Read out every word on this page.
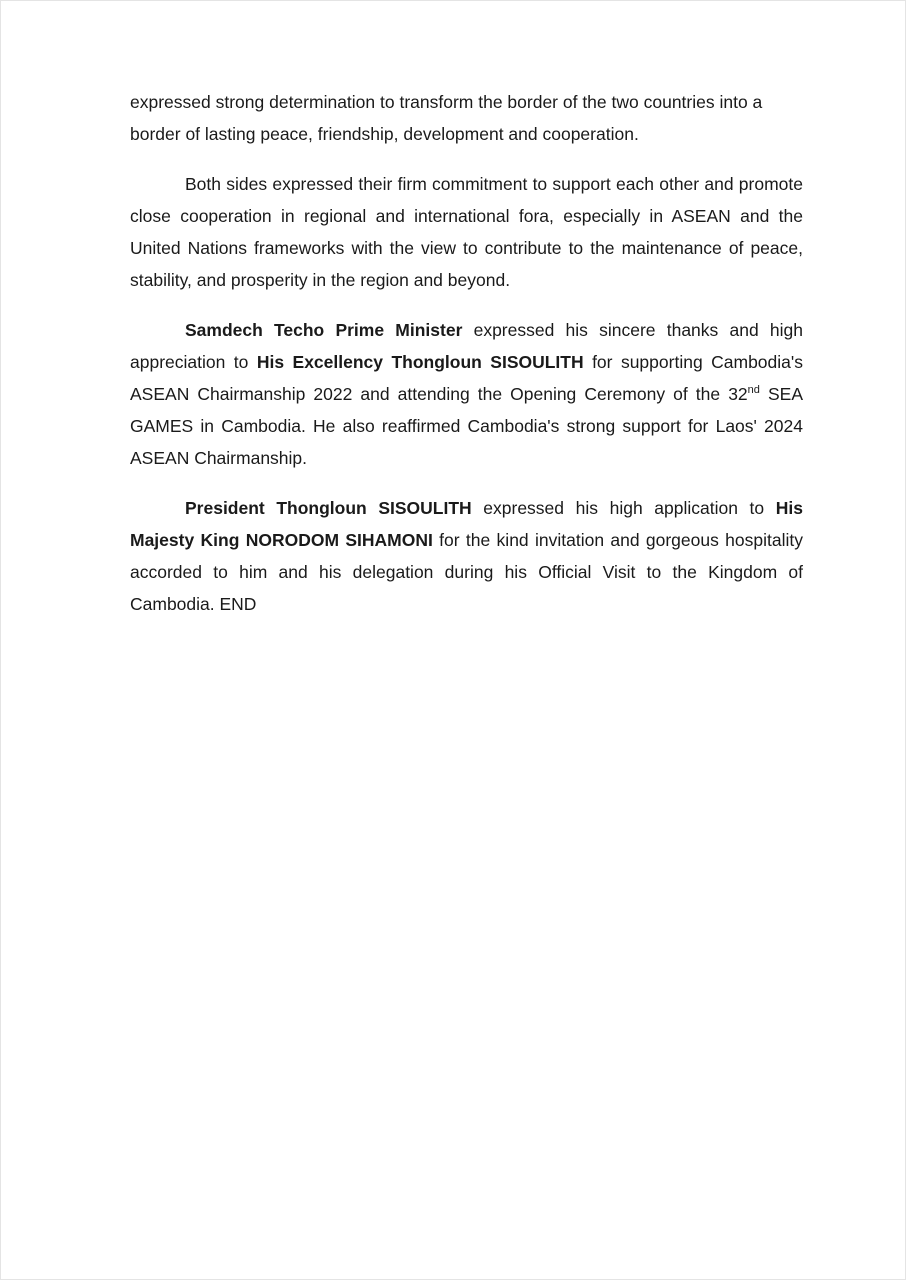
expressed strong determination to transform the border of the two countries into a border of lasting peace, friendship, development and cooperation.

Both sides expressed their firm commitment to support each other and promote close cooperation in regional and international fora, especially in ASEAN and the United Nations frameworks with the view to contribute to the maintenance of peace, stability, and prosperity in the region and beyond.

Samdech Techo Prime Minister expressed his sincere thanks and high appreciation to His Excellency Thongloun SISOULITH for supporting Cambodia's ASEAN Chairmanship 2022 and attending the Opening Ceremony of the 32nd SEA GAMES in Cambodia. He also reaffirmed Cambodia's strong support for Laos' 2024 ASEAN Chairmanship.

President Thongloun SISOULITH expressed his high application to His Majesty King NORODOM SIHAMONI for the kind invitation and gorgeous hospitality accorded to him and his delegation during his Official Visit to the Kingdom of Cambodia. END
